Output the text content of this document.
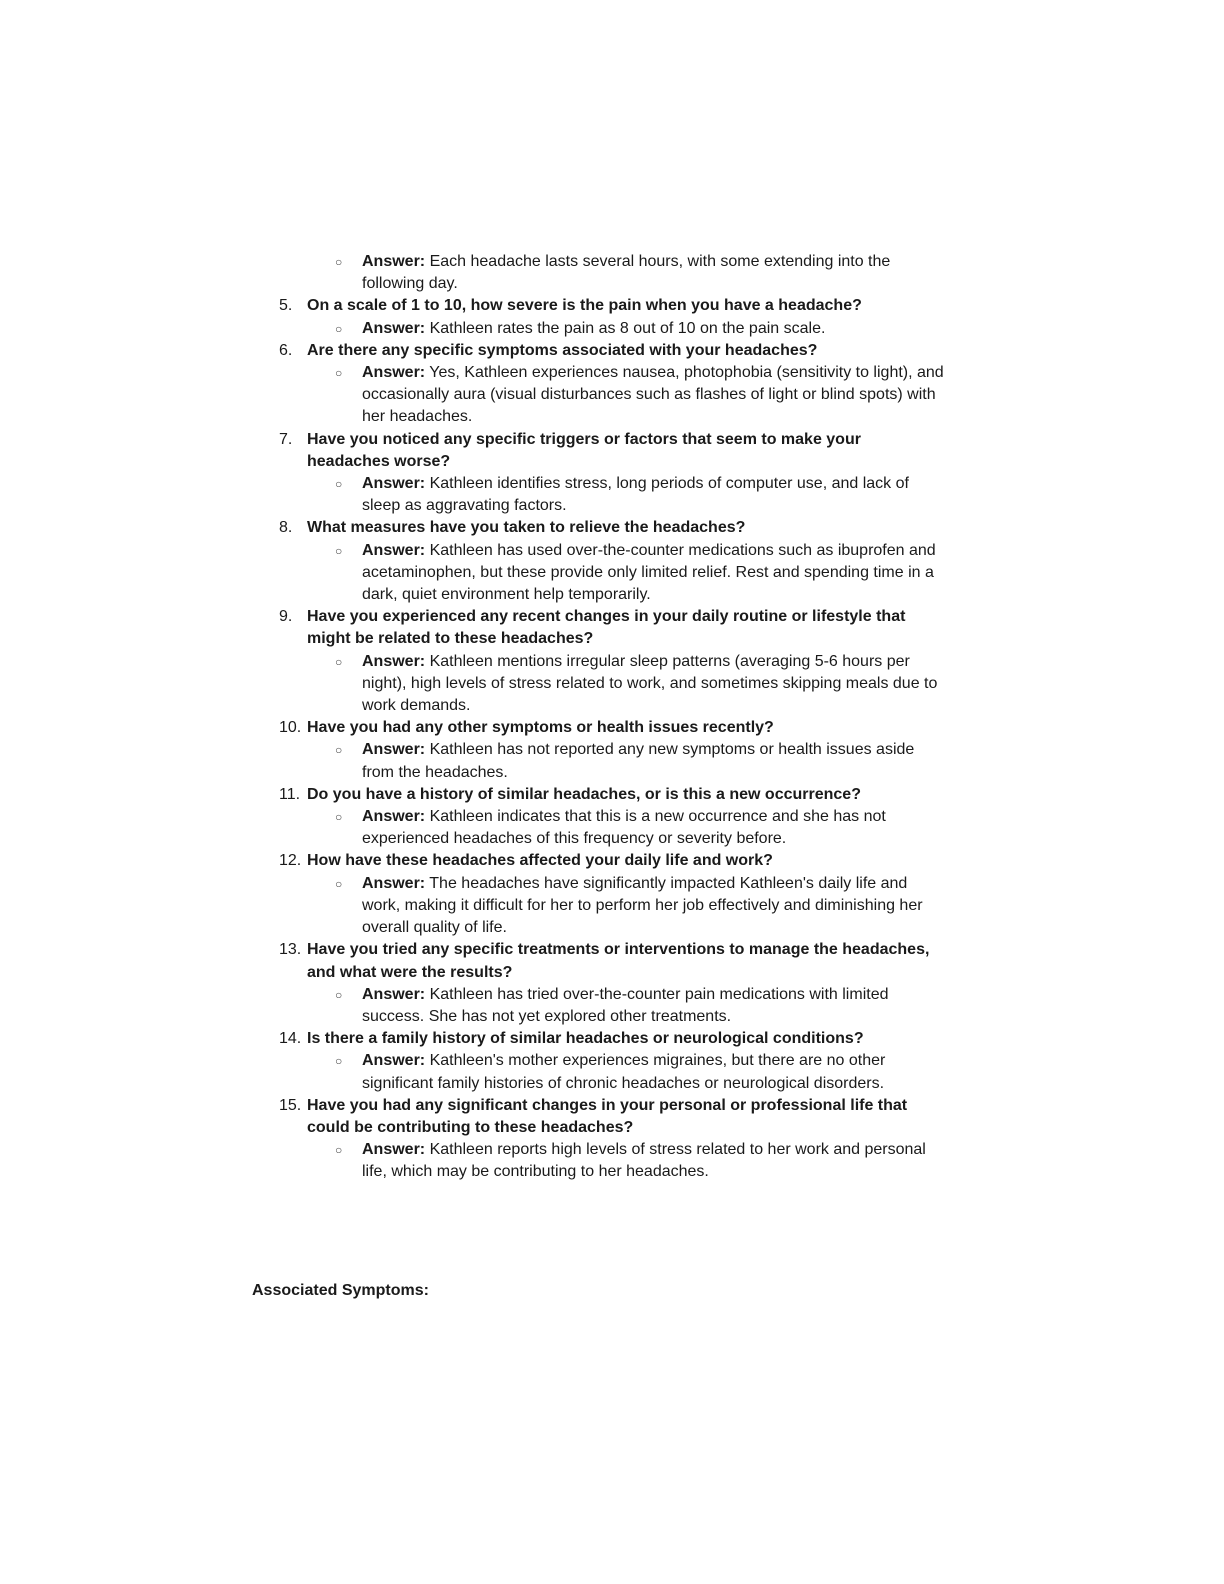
○ Answer: Each headache lasts several hours, with some extending into the following day.
5. On a scale of 1 to 10, how severe is the pain when you have a headache?
○ Answer: Kathleen rates the pain as 8 out of 10 on the pain scale.
6. Are there any specific symptoms associated with your headaches?
○ Answer: Yes, Kathleen experiences nausea, photophobia (sensitivity to light), and occasionally aura (visual disturbances such as flashes of light or blind spots) with her headaches.
7. Have you noticed any specific triggers or factors that seem to make your headaches worse?
○ Answer: Kathleen identifies stress, long periods of computer use, and lack of sleep as aggravating factors.
8. What measures have you taken to relieve the headaches?
○ Answer: Kathleen has used over-the-counter medications such as ibuprofen and acetaminophen, but these provide only limited relief. Rest and spending time in a dark, quiet environment help temporarily.
9. Have you experienced any recent changes in your daily routine or lifestyle that might be related to these headaches?
○ Answer: Kathleen mentions irregular sleep patterns (averaging 5-6 hours per night), high levels of stress related to work, and sometimes skipping meals due to work demands.
10. Have you had any other symptoms or health issues recently?
○ Answer: Kathleen has not reported any new symptoms or health issues aside from the headaches.
11. Do you have a history of similar headaches, or is this a new occurrence?
○ Answer: Kathleen indicates that this is a new occurrence and she has not experienced headaches of this frequency or severity before.
12. How have these headaches affected your daily life and work?
○ Answer: The headaches have significantly impacted Kathleen's daily life and work, making it difficult for her to perform her job effectively and diminishing her overall quality of life.
13. Have you tried any specific treatments or interventions to manage the headaches, and what were the results?
○ Answer: Kathleen has tried over-the-counter pain medications with limited success. She has not yet explored other treatments.
14. Is there a family history of similar headaches or neurological conditions?
○ Answer: Kathleen's mother experiences migraines, but there are no other significant family histories of chronic headaches or neurological disorders.
15. Have you had any significant changes in your personal or professional life that could be contributing to these headaches?
○ Answer: Kathleen reports high levels of stress related to her work and personal life, which may be contributing to her headaches.
Associated Symptoms:
